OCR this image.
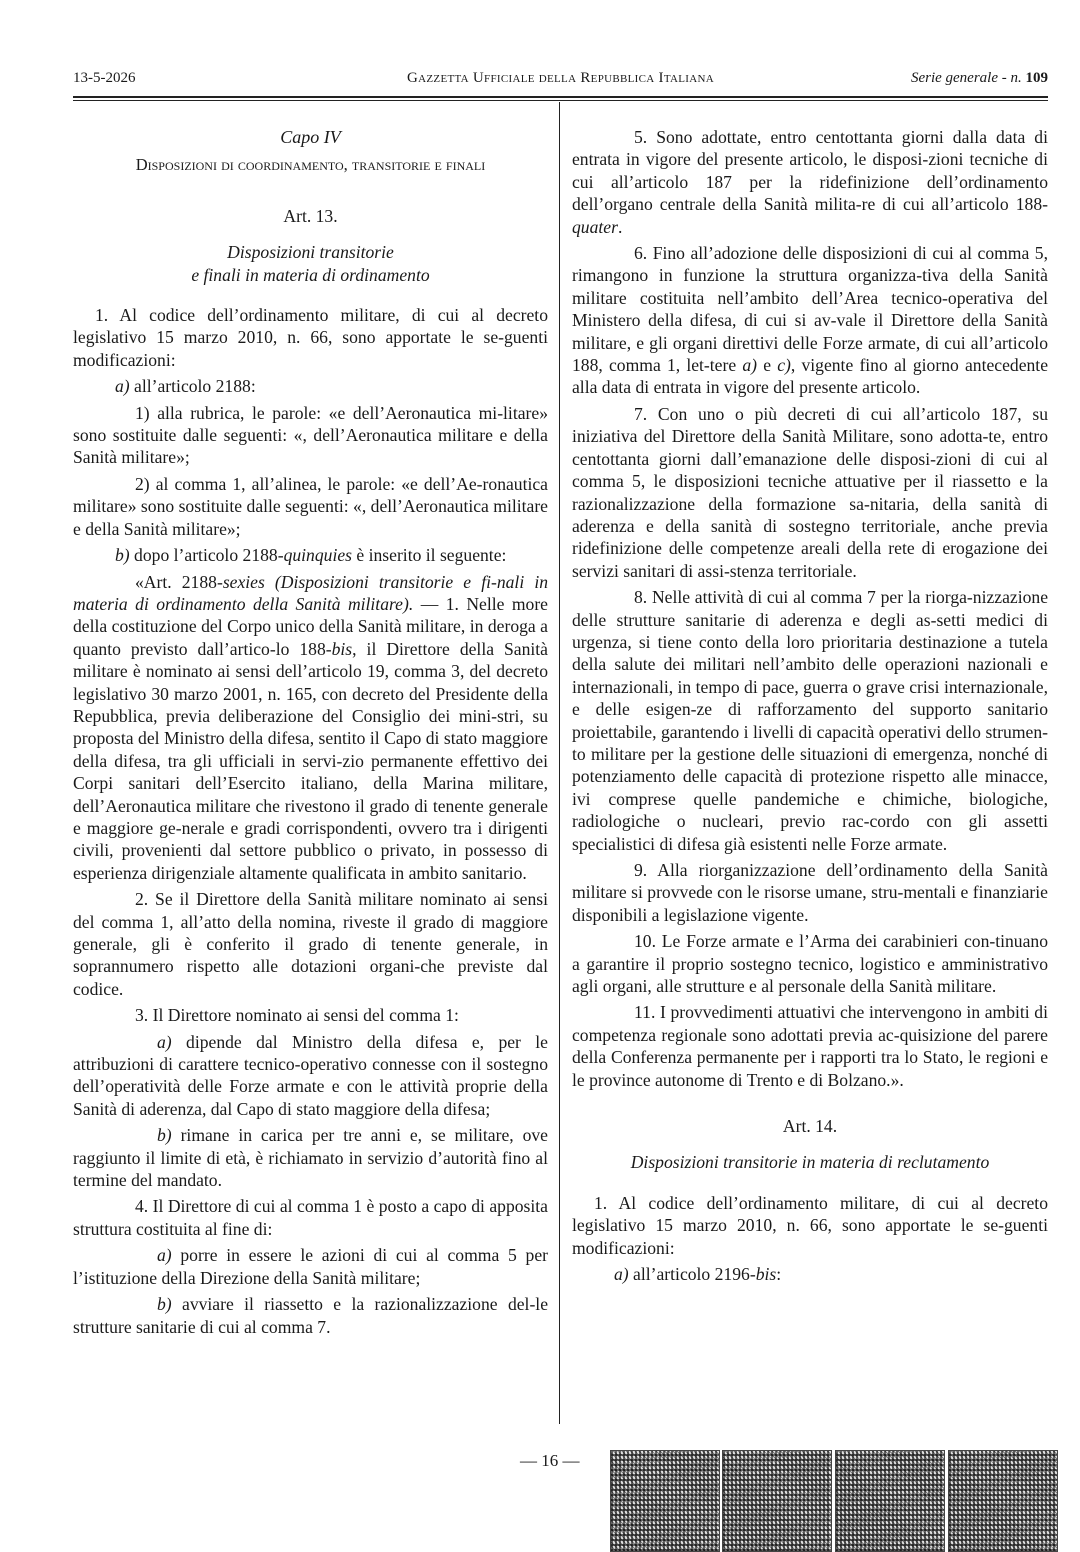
13-5-2026	Gazzetta Ufficiale della Repubblica Italiana	Serie generale - n. 109

Capo IV

Disposizioni di coordinamento, transitorie e finali

Art. 13.

Disposizioni transitorie
e finali in materia di ordinamento

1. Al codice dell’ordinamento militare, di cui al decreto legislativo 15 marzo 2010, n. 66, sono apportate le se-guenti modificazioni:

a) all’articolo 2188:

1) alla rubrica, le parole: «e dell’Aeronautica mi-litare» sono sostituite dalle seguenti: «, dell’Aeronautica militare e della Sanità militare»;

2) al comma 1, all’alinea, le parole: «e dell’Ae-ronautica militare» sono sostituite dalle seguenti: «, dell’Aeronautica militare e della Sanità militare»;

b) dopo l’articolo 2188-quinquies è inserito il seguente:

«Art. 2188-sexies (Disposizioni transitorie e fi-nali in materia di ordinamento della Sanità militare). — 1. Nelle more della costituzione del Corpo unico della Sanità militare, in deroga a quanto previsto dall’artico-lo 188-bis, il Direttore della Sanità militare è nominato ai sensi dell’articolo 19, comma 3, del decreto legislativo 30 marzo 2001, n. 165, con decreto del Presidente della Repubblica, previa deliberazione del Consiglio dei mini-stri, su proposta del Ministro della difesa, sentito il Capo di stato maggiore della difesa, tra gli ufficiali in servi-zio permanente effettivo dei Corpi sanitari dell’Esercito italiano, della Marina militare, dell’Aeronautica militare che rivestono il grado di tenente generale e maggiore ge-nerale e gradi corrispondenti, ovvero tra i dirigenti civili, provenienti dal settore pubblico o privato, in possesso di esperienza dirigenziale altamente qualificata in ambito sanitario.

2. Se il Direttore della Sanità militare nominato ai sensi del comma 1, all’atto della nomina, riveste il grado di maggiore generale, gli è conferito il grado di tenente generale, in soprannumero rispetto alle dotazioni organi-che previste dal codice.

3. Il Direttore nominato ai sensi del comma 1:

a) dipende dal Ministro della difesa e, per le attribuzioni di carattere tecnico-operativo connesse con il sostegno dell’operatività delle Forze armate e con le attività proprie della Sanità di aderenza, dal Capo di stato maggiore della difesa;

b) rimane in carica per tre anni e, se militare, ove raggiunto il limite di età, è richiamato in servizio d’autorità fino al termine del mandato.

4. Il Direttore di cui al comma 1 è posto a capo di apposita struttura costituita al fine di:

a) porre in essere le azioni di cui al comma 5 per l’istituzione della Direzione della Sanità militare;

b) avviare il riassetto e la razionalizzazione del-le strutture sanitarie di cui al comma 7.

5. Sono adottate, entro centottanta giorni dalla data di entrata in vigore del presente articolo, le disposi-zioni tecniche di cui all’articolo 187 per la ridefinizione dell’ordinamento dell’organo centrale della Sanità milita-re di cui all’articolo 188-quater.

6. Fino all’adozione delle disposizioni di cui al comma 5, rimangono in funzione la struttura organizza-tiva della Sanità militare costituita nell’ambito dell’Area tecnico-operativa del Ministero della difesa, di cui si av-vale il Direttore della Sanità militare, e gli organi direttivi delle Forze armate, di cui all’articolo 188, comma 1, let-tere a) e c), vigente fino al giorno antecedente alla data di entrata in vigore del presente articolo.

7. Con uno o più decreti di cui all’articolo 187, su iniziativa del Direttore della Sanità Militare, sono adotta-te, entro centottanta giorni dall’emanazione delle disposi-zioni di cui al comma 5, le disposizioni tecniche attuative per il riassetto e la razionalizzazione della formazione sa-nitaria, della sanità di aderenza e della sanità di sostegno territoriale, anche previa ridefinizione delle competenze areali della rete di erogazione dei servizi sanitari di assi-stenza territoriale.

8. Nelle attività di cui al comma 7 per la riorga-nizzazione delle strutture sanitarie di aderenza e degli as-setti medici di urgenza, si tiene conto della loro prioritaria destinazione a tutela della salute dei militari nell’ambito delle operazioni nazionali e internazionali, in tempo di pace, guerra o grave crisi internazionale, e delle esigen-ze di rafforzamento del supporto sanitario proiettabile, garantendo i livelli di capacità operativi dello strumen-to militare per la gestione delle situazioni di emergenza, nonché di potenziamento delle capacità di protezione rispetto alle minacce, ivi comprese quelle pandemiche e chimiche, biologiche, radiologiche o nucleari, previo rac-cordo con gli assetti specialistici di difesa già esistenti nelle Forze armate.

9. Alla riorganizzazione dell’ordinamento della Sanità militare si provvede con le risorse umane, stru-mentali e finanziarie disponibili a legislazione vigente.

10. Le Forze armate e l’Arma dei carabinieri con-tinuano a garantire il proprio sostegno tecnico, logistico e amministrativo agli organi, alle strutture e al personale della Sanità militare.

11. I provvedimenti attuativi che intervengono in ambiti di competenza regionale sono adottati previa ac-quisizione del parere della Conferenza permanente per i rapporti tra lo Stato, le regioni e le province autonome di Trento e di Bolzano.».

Art. 14.

Disposizioni transitorie in materia di reclutamento

1. Al codice dell’ordinamento militare, di cui al decreto legislativo 15 marzo 2010, n. 66, sono apportate le se-guenti modificazioni:

a) all’articolo 2196-bis:

— 16 —
